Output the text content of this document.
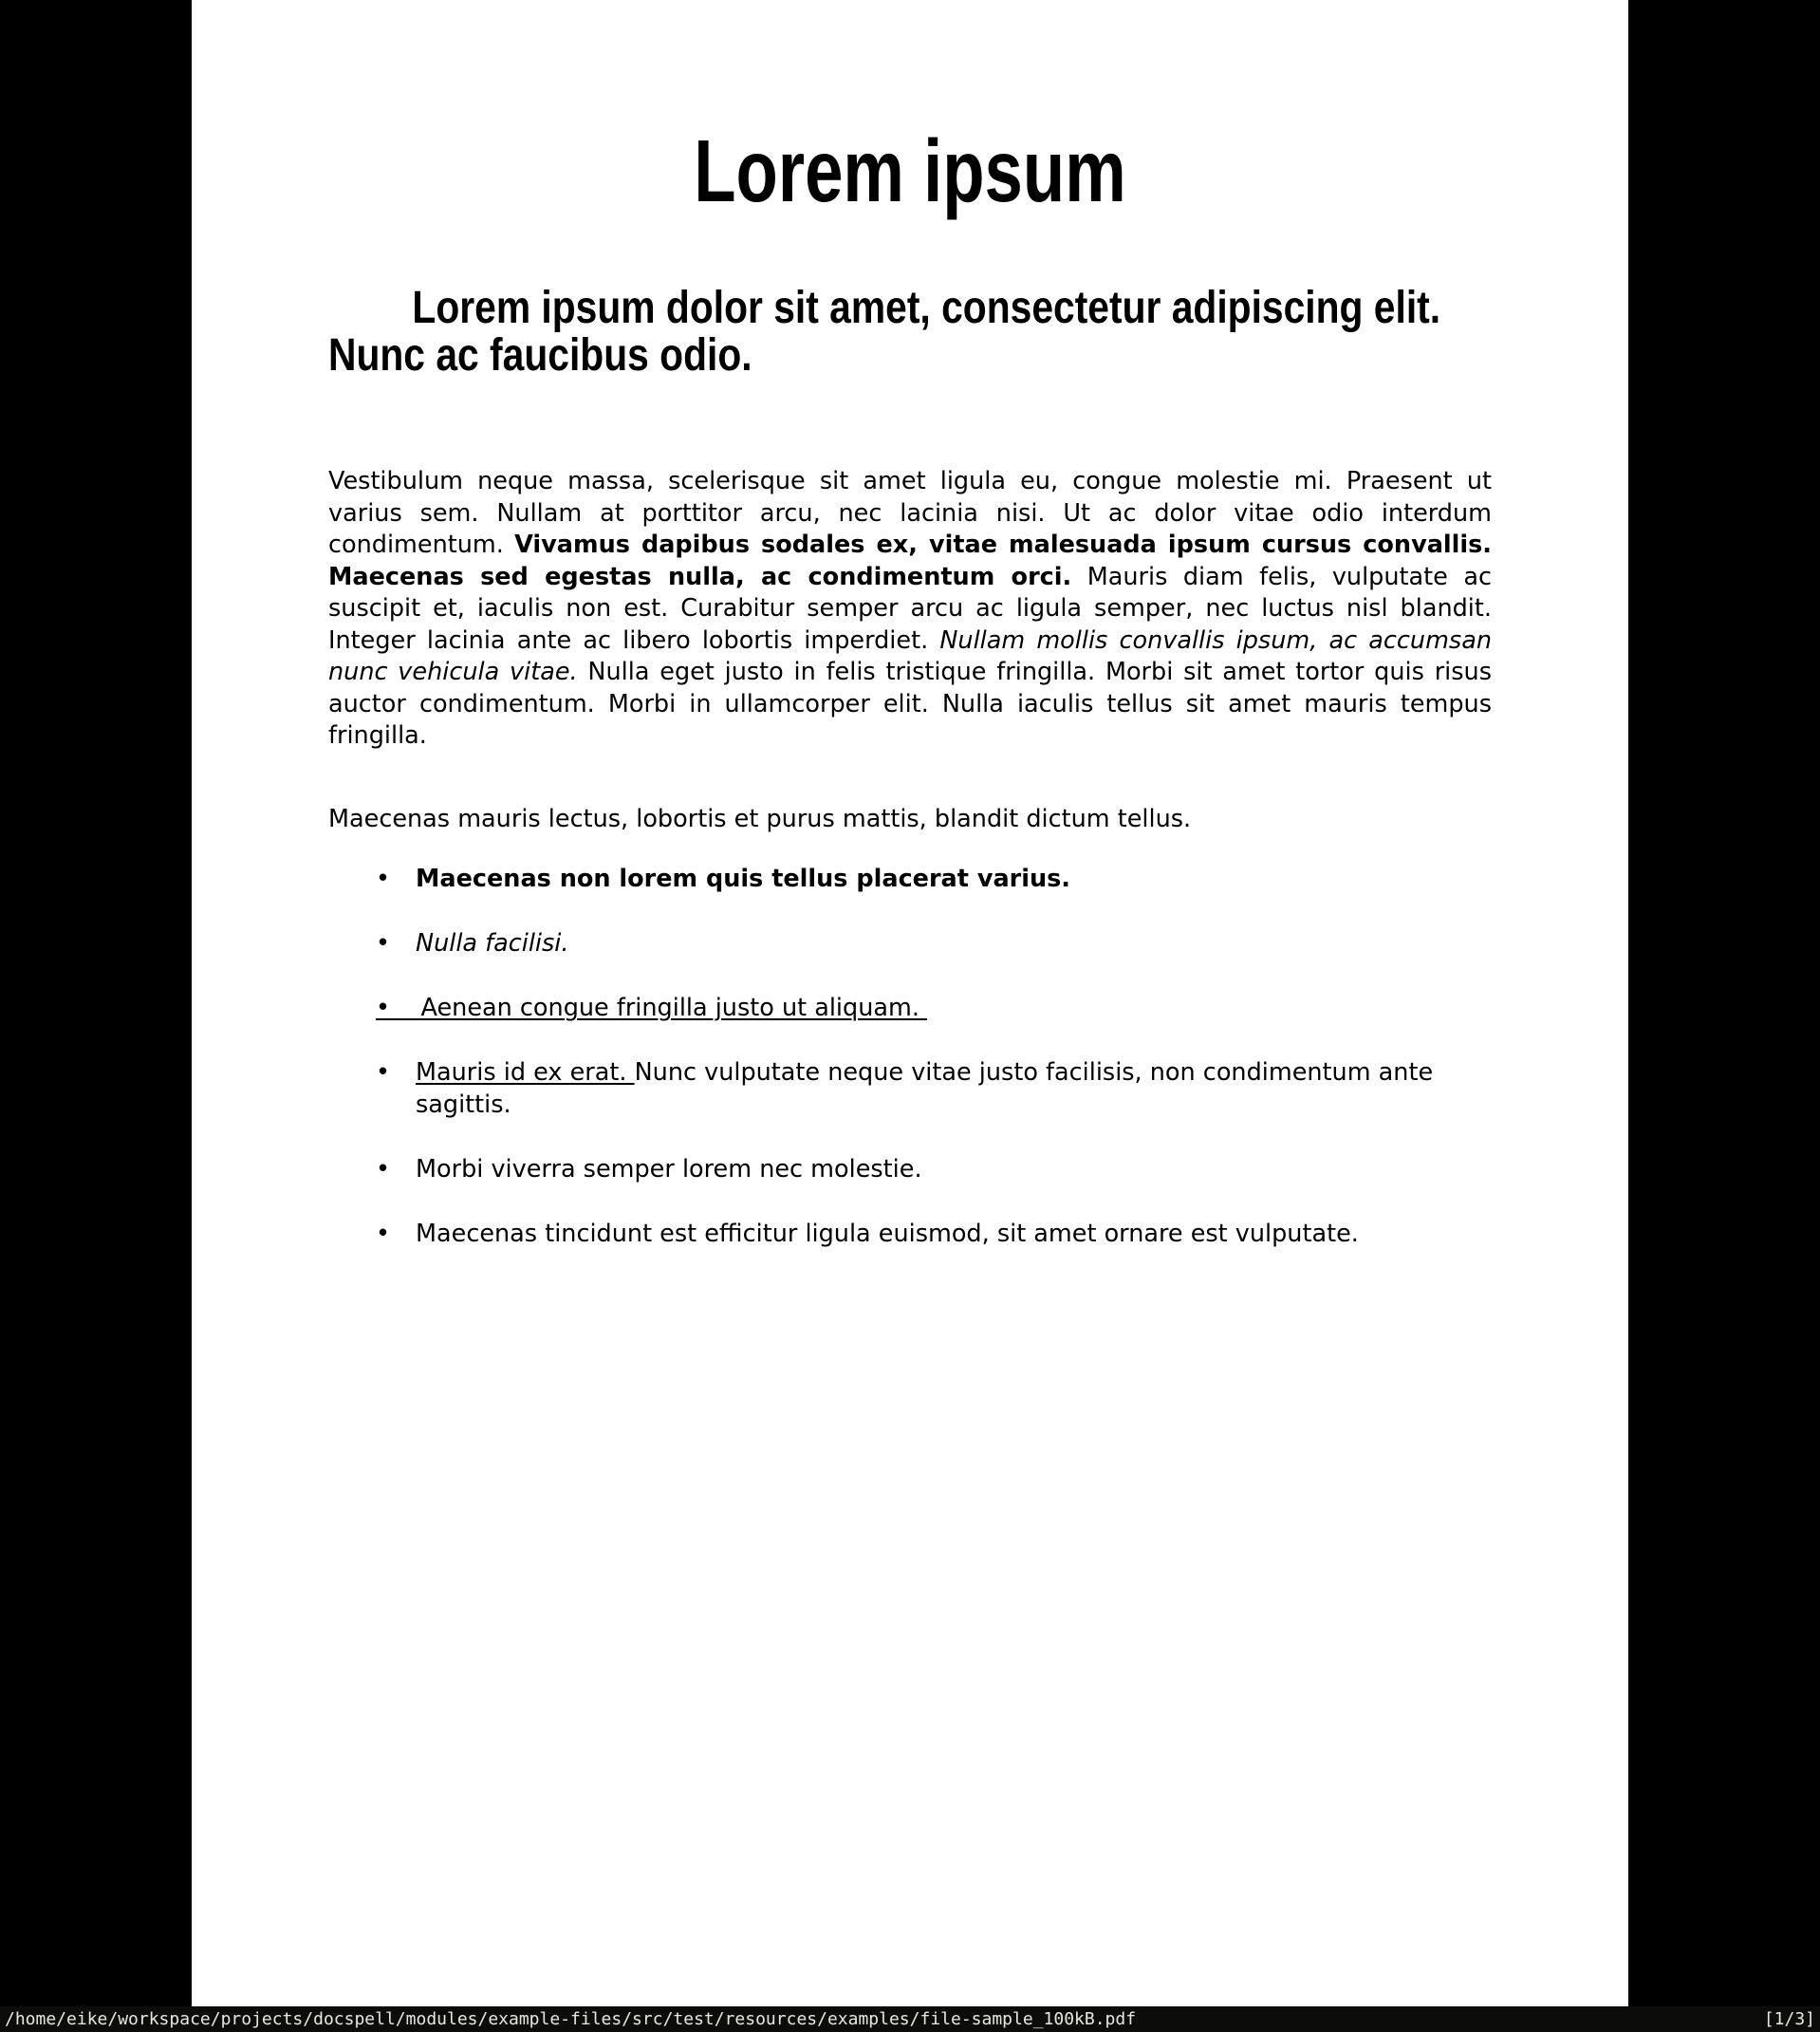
Lorem ipsum
Lorem ipsum dolor sit amet, consectetur adipiscing elit. Nunc ac faucibus odio.

Vestibulum neque massa, scelerisque sit amet ligula eu, congue molestie mi. Praesent ut varius sem. Nullam at porttitor arcu, nec lacinia nisi. Ut ac dolor vitae odio interdum condimentum. Vivamus dapibus sodales ex, vitae malesuada ipsum cursus convallis. Maecenas sed egestas nulla, ac condimentum orci. Mauris diam felis, vulputate ac suscipit et, iaculis non est. Curabitur semper arcu ac ligula semper, nec luctus nisl blandit. Integer lacinia ante ac libero lobortis imperdiet. Nullam mollis convallis ipsum, ac accumsan nunc vehicula vitae. Nulla eget justo in felis tristique fringilla. Morbi sit amet tortor quis risus auctor condimentum. Morbi in ullamcorper elit. Nulla iaculis tellus sit amet mauris tempus fringilla.

Maecenas mauris lectus, lobortis et purus mattis, blandit dictum tellus.

• Maecenas non lorem quis tellus placerat varius.
• Nulla facilisi.
• Aenean congue fringilla justo ut aliquam.
• Mauris id ex erat. Nunc vulputate neque vitae justo facilisis, non condimentum ante sagittis.
• Morbi viverra semper lorem nec molestie.
• Maecenas tincidunt est efficitur ligula euismod, sit amet ornare est vulputate.
/home/eike/workspace/projects/docspell/modules/example-files/src/test/resources/examples/file-sample_100kB.pdf	[1/3]
